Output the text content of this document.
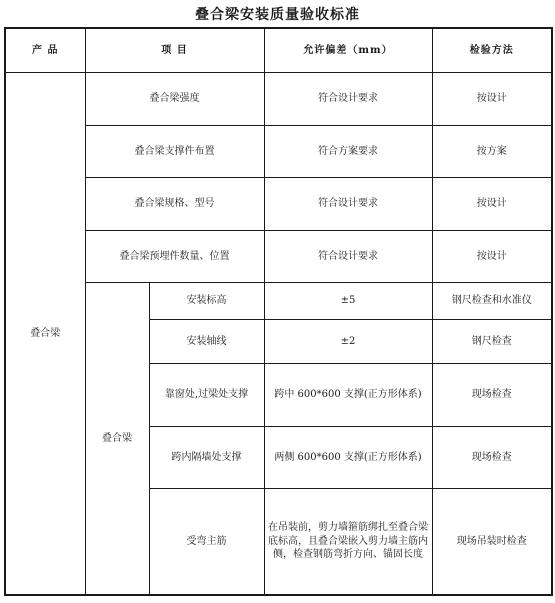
叠合梁安装质量验收标准
产 品	项 目		允许偏差（mm）	检验方法
叠合梁	叠合梁强度		符合设计要求	按设计
	叠合梁支撑件布置		符合方案要求	按方案
	叠合梁规格、型号		符合设计要求	按设计
	叠合梁预埋件数量、位置		符合设计要求	按设计
	叠合梁	安装标高	±5	钢尺检查和水准仪
		安装轴线	±2	钢尺检查
		靠窗处,过梁处支撑	跨中 600*600 支撑(正方形体系)	现场检查
		跨内隔墙处支撑	两侧 600*600 支撑(正方形体系)	现场检查
		受弯主筋	在吊装前，剪力墙箍筋绑扎至叠合梁底标高，且叠合梁嵌入剪力墙主筋内侧，检查钢筋弯折方向、锚固长度	现场吊装时检查
